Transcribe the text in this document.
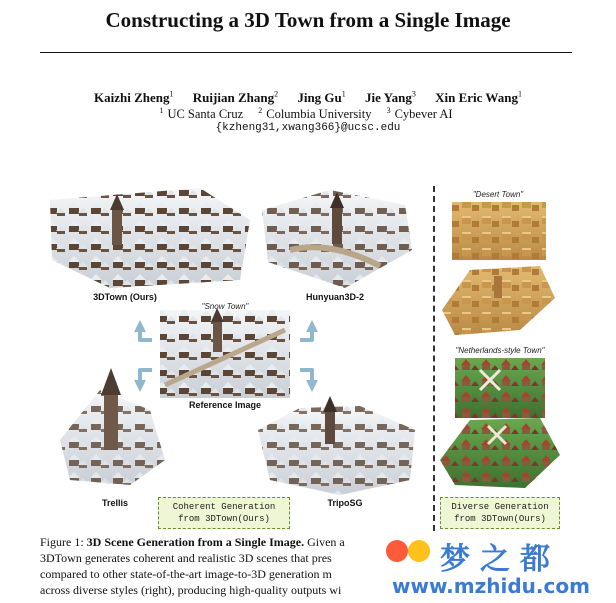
Constructing a 3D Town from a Single Image
Kaizhi Zheng$^1$ Ruijian Zhang$^2$ Jing Gu$^1$ Jie Yang$^3$ Xin Eric Wang$^1$
$^1$ UC Santa Cruz $^2$ Columbia University $^3$ Cybever AI
{kzheng31,xwang366}@ucsc.edu
3DTown (Ours)	Hunyuan3D-2
"Snow Town"
Reference Image
Trellis	TripoSG
"Desert Town"
"Netherlands-style Town"
Coherent Generation
from 3DTown(Ours)
Diverse Generation
from 3DTown(Ours)
Figure 1: 3D Scene Generation from a Single Image. Given a
3DTown generates coherent and realistic 3D scenes that pres
compared to other state-of-the-art image-to-3D generation m
across diverse styles (right), producing high-quality outputs wi
梦之都
www.mzhidu.com
